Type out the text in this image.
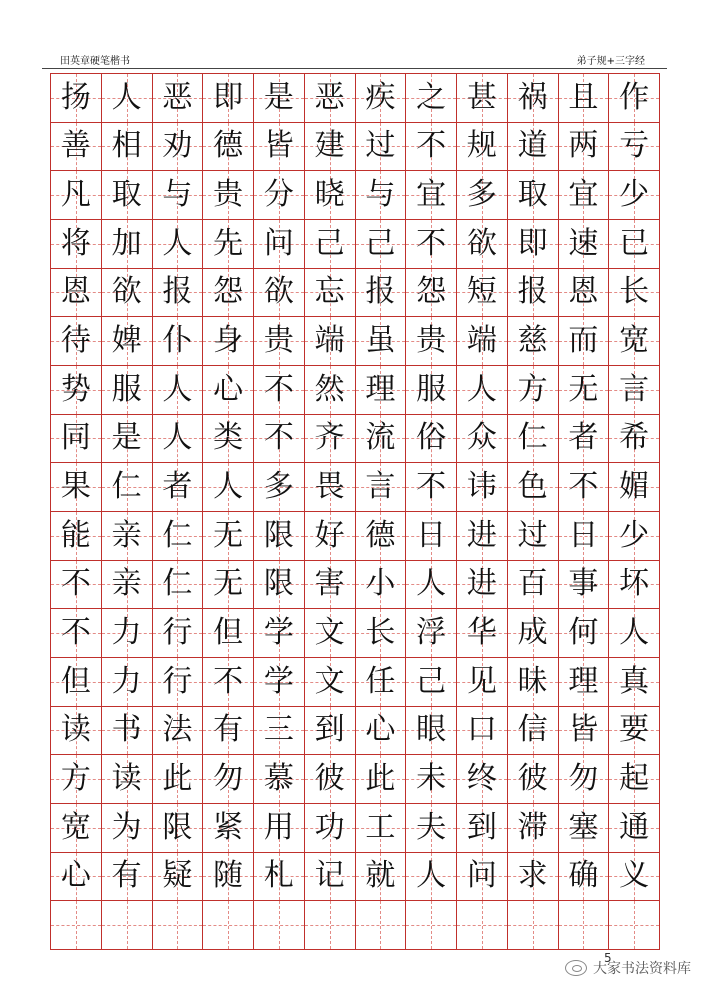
田英章硬笔楷书	弟子规+三字经
扬 人 恶 即 是 恶 疾 之 甚 祸 且 作
善 相 劝 德 皆 建 过 不 规 道 两 亏
凡 取 与 贵 分 晓 与 宜 多 取 宜 少
将 加 人 先 问 己 己 不 欲 即 速 已
恩 欲 报 怨 欲 忘 报 怨 短 报 恩 长
待 婢 仆 身 贵 端 虽 贵 端 慈 而 宽
势 服 人 心 不 然 理 服 人 方 无 言
同 是 人 类 不 齐 流 俗 众 仁 者 希
果 仁 者 人 多 畏 言 不 讳 色 不 媚
能 亲 仁 无 限 好 德 日 进 过 日 少
不 亲 仁 无 限 害 小 人 进 百 事 坏
不 力 行 但 学 文 长 浮 华 成 何 人
但 力 行 不 学 文 任 己 见 昧 理 真
读 书 法 有 三 到 心 眼 口 信 皆 要
方 读 此 勿 慕 彼 此 未 终 彼 勿 起
宽 为 限 紧 用 功 工 夫 到 滞 塞 通
心 有 疑 随 札 记 就 人 问 求 确 义
5
大家书法资料库
